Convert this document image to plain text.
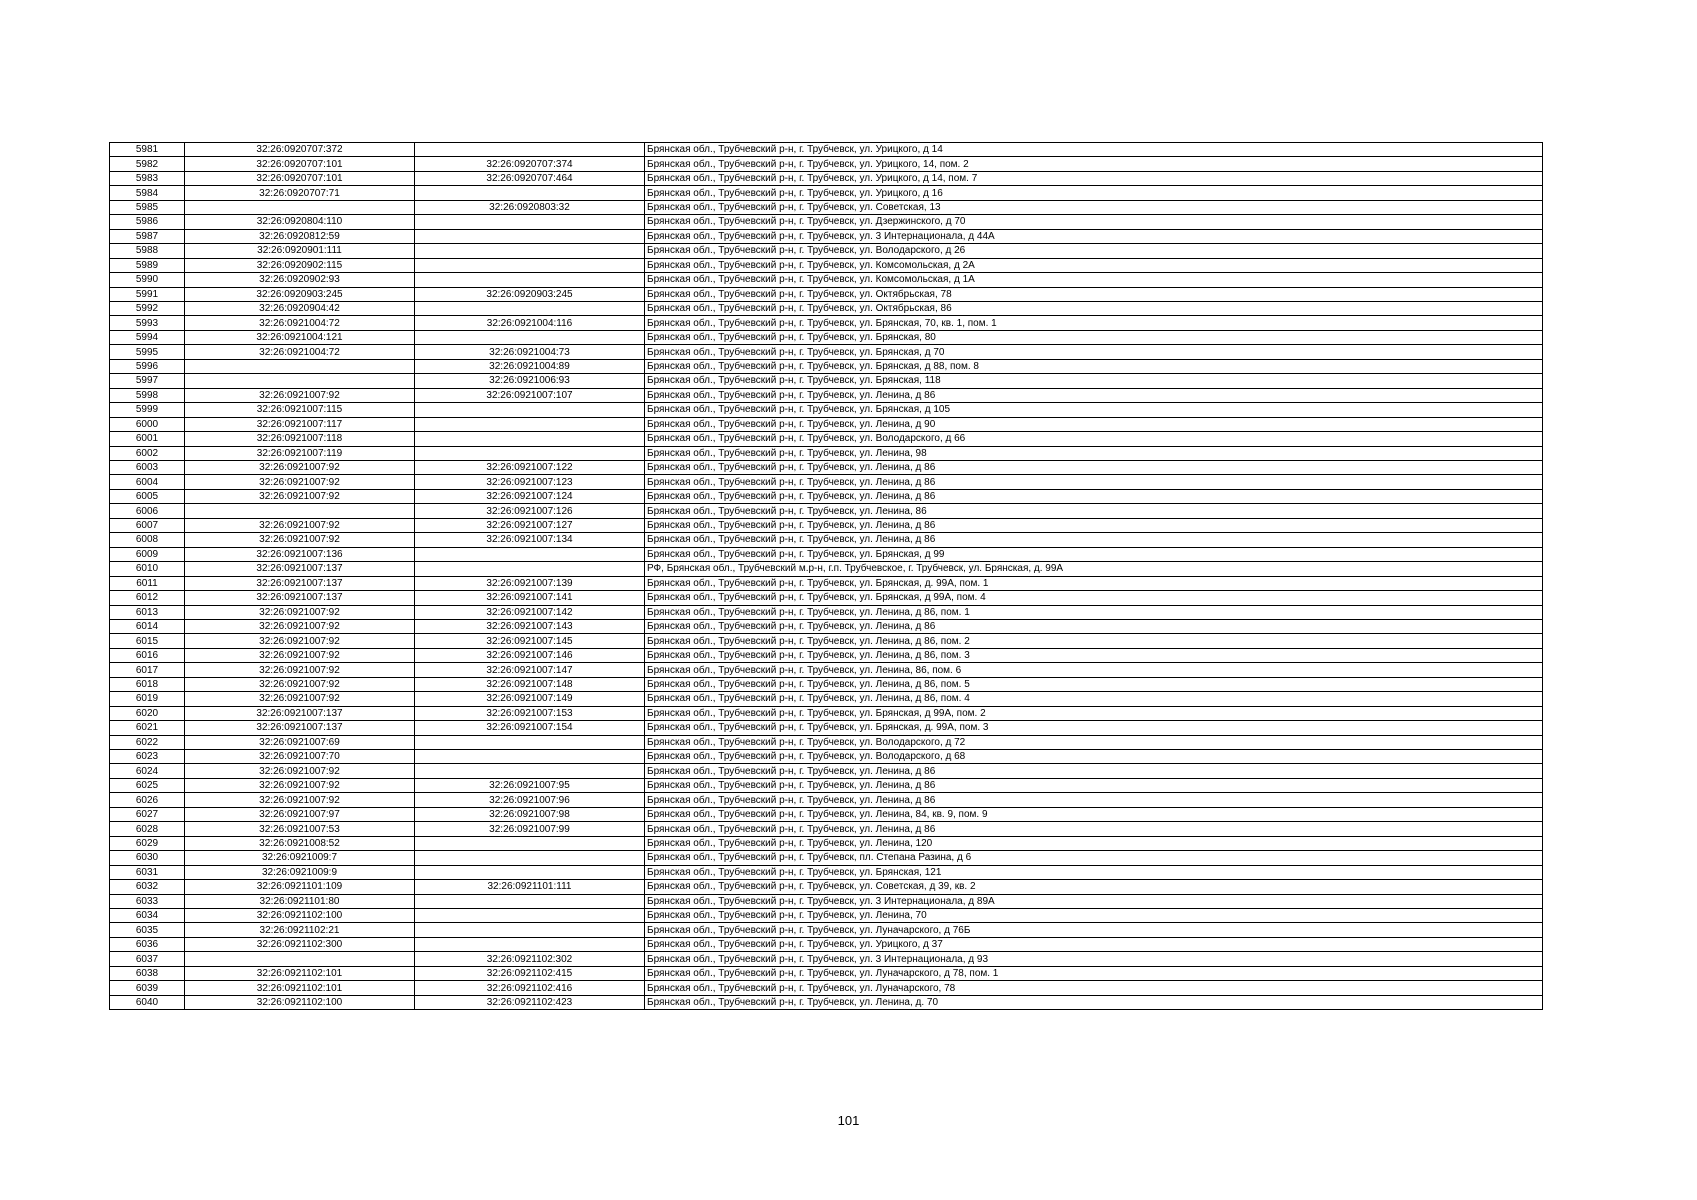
5981	32:26:0920707:372		Брянская обл., Трубчевский р-н, г. Трубчевск, ул. Урицкого, д 14
5982	32:26:0920707:101	32:26:0920707:374	Брянская обл., Трубчевский р-н, г. Трубчевск, ул. Урицкого, 14, пом. 2
5983	32:26:0920707:101	32:26:0920707:464	Брянская обл., Трубчевский р-н, г. Трубчевск, ул. Урицкого, д 14, пом. 7
5984	32:26:0920707:71		Брянская обл., Трубчевский р-н, г. Трубчевск, ул. Урицкого, д 16
5985		32:26:0920803:32	Брянская обл., Трубчевский р-н, г. Трубчевск, ул. Советская, 13
5986	32:26:0920804:110		Брянская обл., Трубчевский р-н, г. Трубчевск, ул. Дзержинского, д 70
5987	32:26:0920812:59		Брянская обл., Трубчевский р-н, г. Трубчевск, ул. 3 Интернационала, д 44А
5988	32:26:0920901:111		Брянская обл., Трубчевский р-н, г. Трубчевск, ул. Володарского, д 26
5989	32:26:0920902:115		Брянская обл., Трубчевский р-н, г. Трубчевск, ул. Комсомольская, д 2А
5990	32:26:0920902:93		Брянская обл., Трубчевский р-н, г. Трубчевск, ул. Комсомольская, д 1А
5991	32:26:0920903:245	32:26:0920903:245	Брянская обл., Трубчевский р-н, г. Трубчевск, ул. Октябрьская, 78
5992	32:26:0920904:42		Брянская обл., Трубчевский р-н, г. Трубчевск, ул. Октябрьская, 86
5993	32:26:0921004:72	32:26:0921004:116	Брянская обл., Трубчевский р-н, г. Трубчевск, ул. Брянская, 70, кв. 1, пом. 1
5994	32:26:0921004:121		Брянская обл., Трубчевский р-н, г. Трубчевск, ул. Брянская, 80
5995	32:26:0921004:72	32:26:0921004:73	Брянская обл., Трубчевский р-н, г. Трубчевск, ул. Брянская, д 70
5996		32:26:0921004:89	Брянская обл., Трубчевский р-н, г. Трубчевск, ул. Брянская, д 88, пом. 8
5997		32:26:0921006:93	Брянская обл., Трубчевский р-н, г. Трубчевск, ул. Брянская, 118
5998	32:26:0921007:92	32:26:0921007:107	Брянская обл., Трубчевский р-н, г. Трубчевск, ул. Ленина, д 86
5999	32:26:0921007:115		Брянская обл., Трубчевский р-н, г. Трубчевск, ул. Брянская, д 105
6000	32:26:0921007:117		Брянская обл., Трубчевский р-н, г. Трубчевск, ул. Ленина, д 90
6001	32:26:0921007:118		Брянская обл., Трубчевский р-н, г. Трубчевск, ул. Володарского, д 66
6002	32:26:0921007:119		Брянская обл., Трубчевский р-н, г. Трубчевск, ул. Ленина, 98
6003	32:26:0921007:92	32:26:0921007:122	Брянская обл., Трубчевский р-н, г. Трубчевск, ул. Ленина, д 86
6004	32:26:0921007:92	32:26:0921007:123	Брянская обл., Трубчевский р-н, г. Трубчевск, ул. Ленина, д 86
6005	32:26:0921007:92	32:26:0921007:124	Брянская обл., Трубчевский р-н, г. Трубчевск, ул. Ленина, д 86
6006		32:26:0921007:126	Брянская обл., Трубчевский р-н, г. Трубчевск, ул. Ленина, 86
6007	32:26:0921007:92	32:26:0921007:127	Брянская обл., Трубчевский р-н, г. Трубчевск, ул. Ленина, д 86
6008	32:26:0921007:92	32:26:0921007:134	Брянская обл., Трубчевский р-н, г. Трубчевск, ул. Ленина, д 86
6009	32:26:0921007:136		Брянская обл., Трубчевский р-н, г. Трубчевск, ул. Брянская, д 99
6010	32:26:0921007:137		РФ, Брянская обл., Трубчевский м.р-н, г.п. Трубчевское, г. Трубчевск, ул. Брянская, д. 99А
6011	32:26:0921007:137	32:26:0921007:139	Брянская обл., Трубчевский р-н, г. Трубчевск, ул. Брянская, д. 99А, пом. 1
6012	32:26:0921007:137	32:26:0921007:141	Брянская обл., Трубчевский р-н, г. Трубчевск, ул. Брянская, д 99А, пом. 4
6013	32:26:0921007:92	32:26:0921007:142	Брянская обл., Трубчевский р-н, г. Трубчевск, ул. Ленина, д 86, пом. 1
6014	32:26:0921007:92	32:26:0921007:143	Брянская обл., Трубчевский р-н, г. Трубчевск, ул. Ленина, д 86
6015	32:26:0921007:92	32:26:0921007:145	Брянская обл., Трубчевский р-н, г. Трубчевск, ул. Ленина, д 86, пом. 2
6016	32:26:0921007:92	32:26:0921007:146	Брянская обл., Трубчевский р-н, г. Трубчевск, ул. Ленина, д 86, пом. 3
6017	32:26:0921007:92	32:26:0921007:147	Брянская обл., Трубчевский р-н, г. Трубчевск, ул. Ленина, 86, пом. 6
6018	32:26:0921007:92	32:26:0921007:148	Брянская обл., Трубчевский р-н, г. Трубчевск, ул. Ленина, д 86, пом. 5
6019	32:26:0921007:92	32:26:0921007:149	Брянская обл., Трубчевский р-н, г. Трубчевск, ул. Ленина, д 86, пом. 4
6020	32:26:0921007:137	32:26:0921007:153	Брянская обл., Трубчевский р-н, г. Трубчевск, ул. Брянская, д 99А, пом. 2
6021	32:26:0921007:137	32:26:0921007:154	Брянская обл., Трубчевский р-н, г. Трубчевск, ул. Брянская, д. 99А, пом. 3
6022	32:26:0921007:69		Брянская обл., Трубчевский р-н, г. Трубчевск, ул. Володарского, д 72
6023	32:26:0921007:70		Брянская обл., Трубчевский р-н, г. Трубчевск, ул. Володарского, д 68
6024	32:26:0921007:92		Брянская обл., Трубчевский р-н, г. Трубчевск, ул. Ленина, д 86
6025	32:26:0921007:92	32:26:0921007:95	Брянская обл., Трубчевский р-н, г. Трубчевск, ул. Ленина, д 86
6026	32:26:0921007:92	32:26:0921007:96	Брянская обл., Трубчевский р-н, г. Трубчевск, ул. Ленина, д 86
6027	32:26:0921007:97	32:26:0921007:98	Брянская обл., Трубчевский р-н, г. Трубчевск, ул. Ленина, 84, кв. 9, пом. 9
6028	32:26:0921007:53	32:26:0921007:99	Брянская обл., Трубчевский р-н, г. Трубчевск, ул. Ленина, д 86
6029	32:26:0921008:52		Брянская обл., Трубчевский р-н, г. Трубчевск, ул. Ленина, 120
6030	32:26:0921009:7		Брянская обл., Трубчевский р-н, г. Трубчевск, пл. Степана Разина, д 6
6031	32:26:0921009:9		Брянская обл., Трубчевский р-н, г. Трубчевск, ул. Брянская, 121
6032	32:26:0921101:109	32:26:0921101:111	Брянская обл., Трубчевский р-н, г. Трубчевск, ул. Советская, д 39, кв. 2
6033	32:26:0921101:80		Брянская обл., Трубчевский р-н, г. Трубчевск, ул. 3 Интернационала, д 89А
6034	32:26:0921102:100		Брянская обл., Трубчевский р-н, г. Трубчевск, ул. Ленина, 70
6035	32:26:0921102:21		Брянская обл., Трубчевский р-н, г. Трубчевск, ул. Луначарского, д 76Б
6036	32:26:0921102:300		Брянская обл., Трубчевский р-н, г. Трубчевск, ул. Урицкого, д 37
6037		32:26:0921102:302	Брянская обл., Трубчевский р-н, г. Трубчевск, ул. 3 Интернационала, д 93
6038	32:26:0921102:101	32:26:0921102:415	Брянская обл., Трубчевский р-н, г. Трубчевск, ул. Луначарского, д 78, пом. 1
6039	32:26:0921102:101	32:26:0921102:416	Брянская обл., Трубчевский р-н, г. Трубчевск, ул. Луначарского, 78
6040	32:26:0921102:100	32:26:0921102:423	Брянская обл., Трубчевский р-н, г. Трубчевск, ул. Ленина, д. 70
101
